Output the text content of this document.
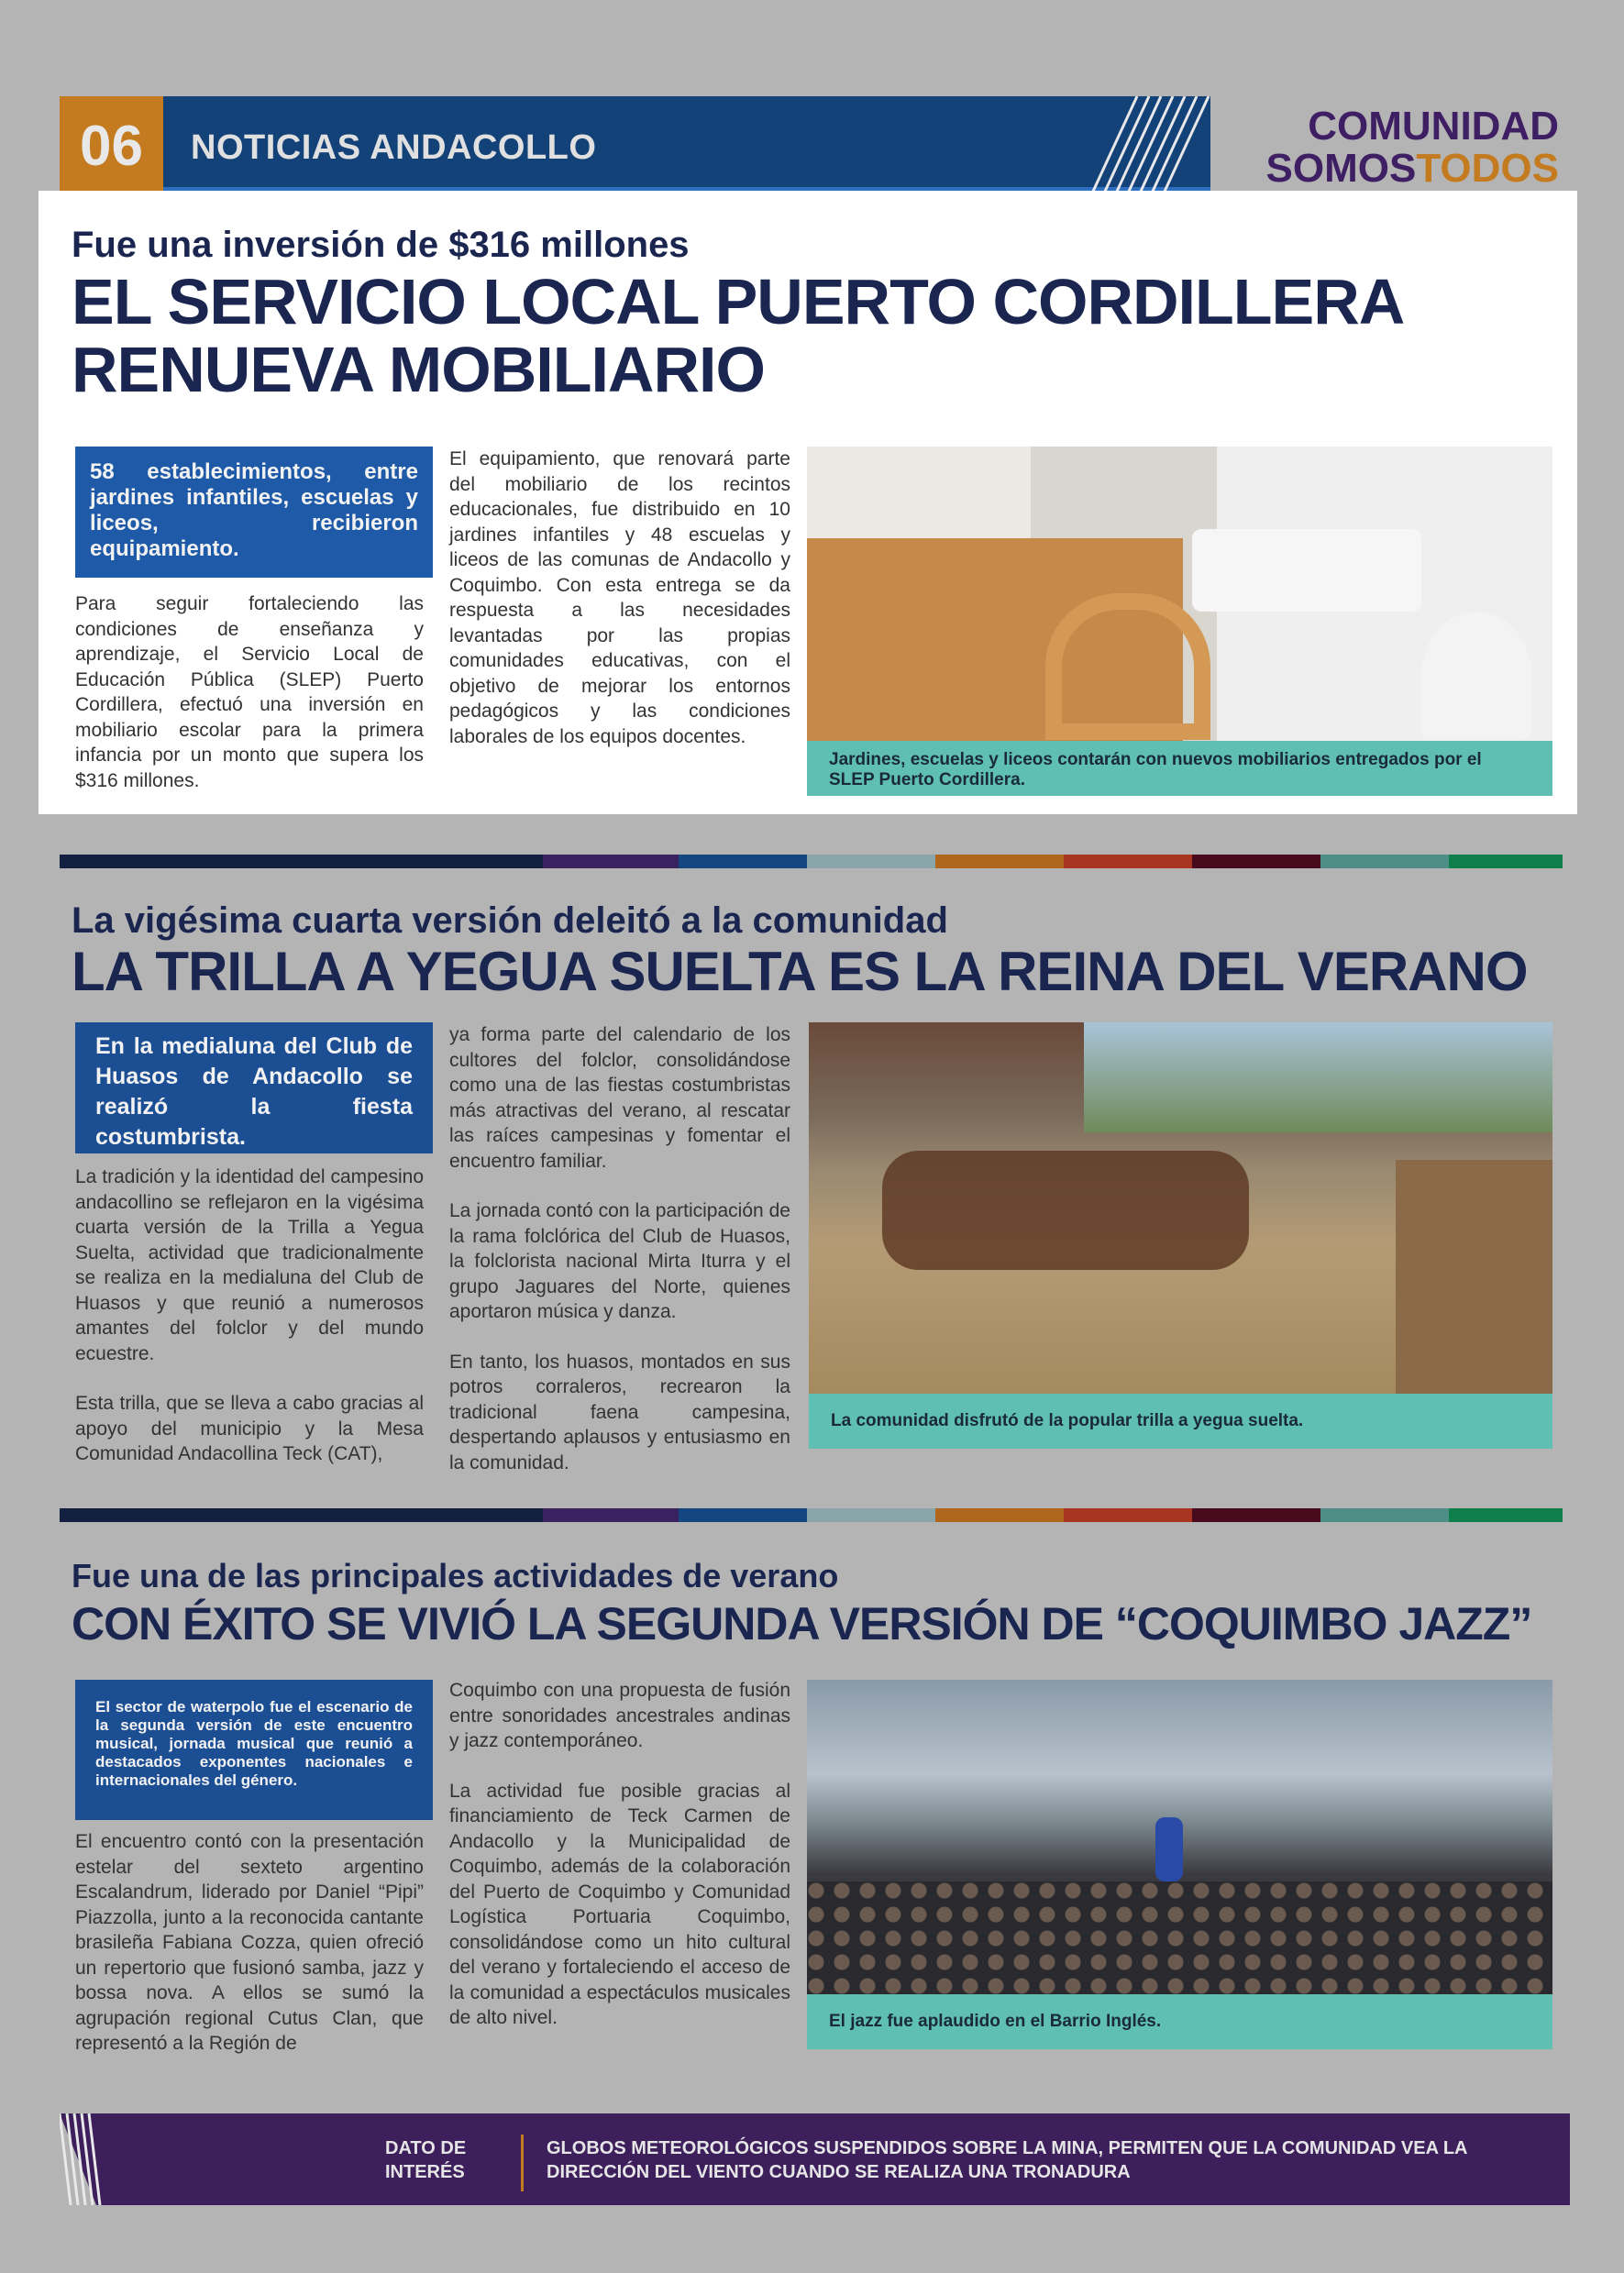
06	NOTICIAS ANDACOLLO	COMUNIDAD
SOMOSTODOS
Fue una inversión de $316 millones
EL SERVICIO LOCAL PUERTO CORDILLERA RENUEVA MOBILIARIO
58 establecimientos, entre jardines infantiles, escuelas y liceos, recibieron equipamiento.
Para seguir fortaleciendo las condiciones de enseñanza y aprendizaje, el Servicio Local de Educación Pública (SLEP) Puerto Cordillera, efectuó una inversión en mobiliario escolar para la primera infancia por un monto que supera los $316 millones.
El equipamiento, que renovará parte del mobiliario de los recintos educacionales, fue distribuido en 10 jardines infantiles y 48 escuelas y liceos de las comunas de Andacollo y Coquimbo. Con esta entrega se da respuesta a las necesidades levantadas por las propias comunidades educativas, con el objetivo de mejorar los entornos pedagógicos y las condiciones laborales de los equipos docentes.
Jardines, escuelas y liceos contarán con nuevos mobiliarios entregados por el SLEP Puerto Cordillera.
La vigésima cuarta versión deleitó a la comunidad
LA TRILLA A YEGUA SUELTA ES LA REINA DEL VERANO
En la medialuna del Club de Huasos de Andacollo se realizó la fiesta costumbrista.

La tradición y la identidad del campesino andacollino se reflejaron en la vigésima cuarta versión de la Trilla a Yegua Suelta, actividad que tradicionalmente se realiza en la medialuna del Club de Huasos y que reunió a numerosos amantes del folclor y del mundo ecuestre.

Esta trilla, que se lleva a cabo gracias al apoyo del municipio y la Mesa Comunidad Andacollina Teck (CAT),

ya forma parte del calendario de los cultores del folclor, consolidándose como una de las fiestas costumbristas más atractivas del verano, al rescatar las raíces campesinas y fomentar el encuentro familiar.

La jornada contó con la participación de la rama folclórica del Club de Huasos, la folclorista nacional Mirta Iturra y el grupo Jaguares del Norte, quienes aportaron música y danza.

En tanto, los huasos, montados en sus potros corraleros, recrearon la tradicional faena campesina, despertando aplausos y entusiasmo en la comunidad.

La comunidad disfrutó de la popular trilla a yegua suelta.
Fue una de las principales actividades de verano
CON ÉXITO SE VIVIÓ LA SEGUNDA VERSIÓN DE “COQUIMBO JAZZ”
El sector de waterpolo fue el escenario de la segunda versión de este encuentro musical, jornada musical que reunió a destacados exponentes nacionales e internacionales del género.
El encuentro contó con la presentación estelar del sexteto argentino Escalandrum, liderado por Daniel “Pipi” Piazzolla, junto a la reconocida cantante brasileña Fabiana Cozza, quien ofreció un repertorio que fusionó samba, jazz y bossa nova. A ellos se sumó la agrupación regional Cutus Clan, que representó a la Región de

Coquimbo con una propuesta de fusión entre sonoridades ancestrales andinas y jazz contemporáneo.

La actividad fue posible gracias al financiamiento de Teck Carmen de Andacollo y la Municipalidad de Coquimbo, además de la colaboración del Puerto de Coquimbo y Comunidad Logística Portuaria Coquimbo, consolidándose como un hito cultural del verano y fortaleciendo el acceso de la comunidad a espectáculos musicales de alto nivel.	El jazz fue aplaudido en el Barrio Inglés.
DATO DE INTERÉS
GLOBOS METEOROLÓGICOS SUSPENDIDOS SOBRE LA MINA, PERMITEN QUE LA COMUNIDAD VEA LA DIRECCIÓN DEL VIENTO CUANDO SE REALIZA UNA TRONADURA
